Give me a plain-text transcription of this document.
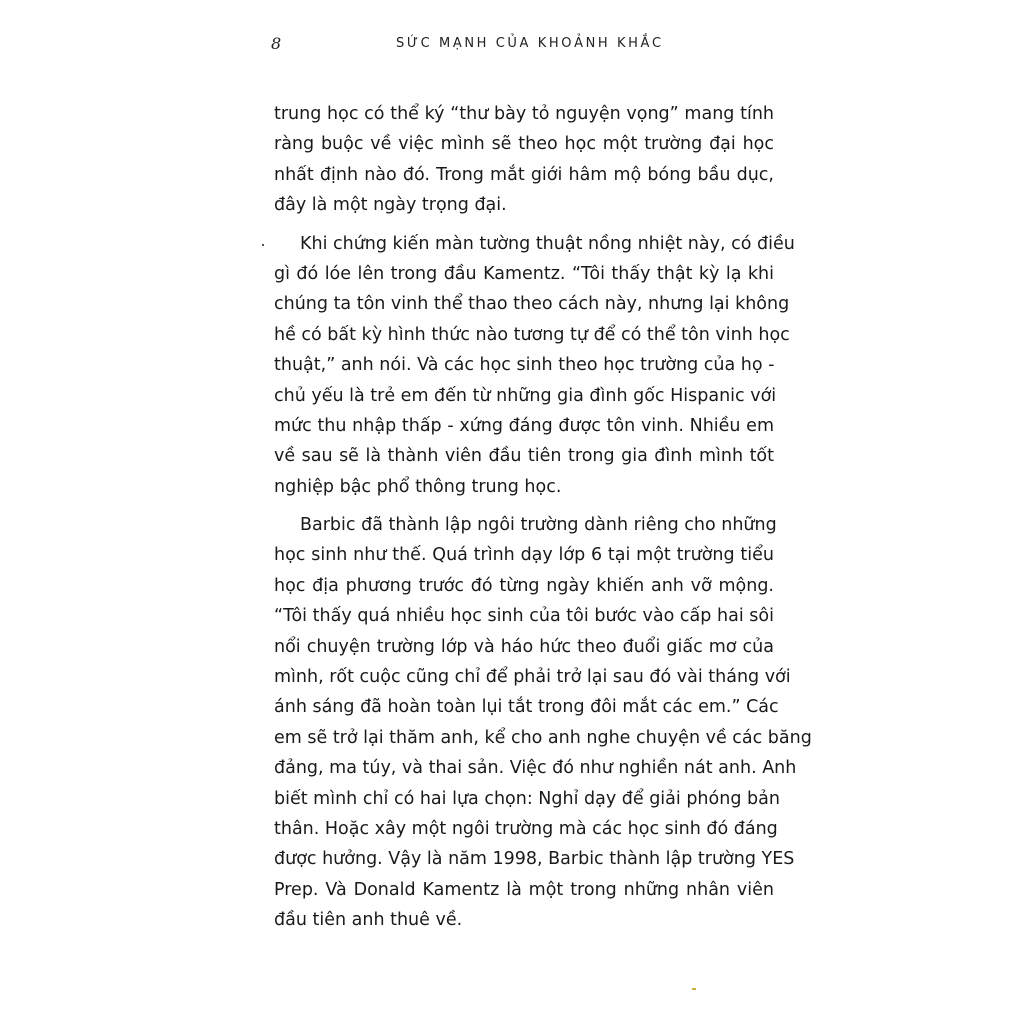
8	SỨC MẠNH CỦA KHOẢNH KHẮC
trung học có thể ký “thư bày tỏ nguyện vọng” mang tính
ràng buộc về việc mình sẽ theo học một trường đại học
nhất định nào đó. Trong mắt giới hâm mộ bóng bầu dục,
đây là một ngày trọng đại.
Khi chứng kiến màn tường thuật nồng nhiệt này, có điều
gì đó lóe lên trong đầu Kamentz. “Tôi thấy thật kỳ lạ khi
chúng ta tôn vinh thể thao theo cách này, nhưng lại không
hề có bất kỳ hình thức nào tương tự để có thể tôn vinh học
thuật,” anh nói. Và các học sinh theo học trường của họ -
chủ yếu là trẻ em đến từ những gia đình gốc Hispanic với
mức thu nhập thấp - xứng đáng được tôn vinh. Nhiều em
về sau sẽ là thành viên đầu tiên trong gia đình mình tốt
nghiệp bậc phổ thông trung học.
Barbic đã thành lập ngôi trường dành riêng cho những
học sinh như thế. Quá trình dạy lớp 6 tại một trường tiểu
học địa phương trước đó từng ngày khiến anh vỡ mộng.
“Tôi thấy quá nhiều học sinh của tôi bước vào cấp hai sôi
nổi chuyện trường lớp và háo hức theo đuổi giấc mơ của
mình, rốt cuộc cũng chỉ để phải trở lại sau đó vài tháng với
ánh sáng đã hoàn toàn lụi tắt trong đôi mắt các em.” Các
em sẽ trở lại thăm anh, kể cho anh nghe chuyện về các băng
đảng, ma túy, và thai sản. Việc đó như nghiền nát anh. Anh
biết mình chỉ có hai lựa chọn: Nghỉ dạy để giải phóng bản
thân. Hoặc xây một ngôi trường mà các học sinh đó đáng
được hưởng. Vậy là năm 1998, Barbic thành lập trường YES
Prep. Và Donald Kamentz là một trong những nhân viên
đầu tiên anh thuê về.
